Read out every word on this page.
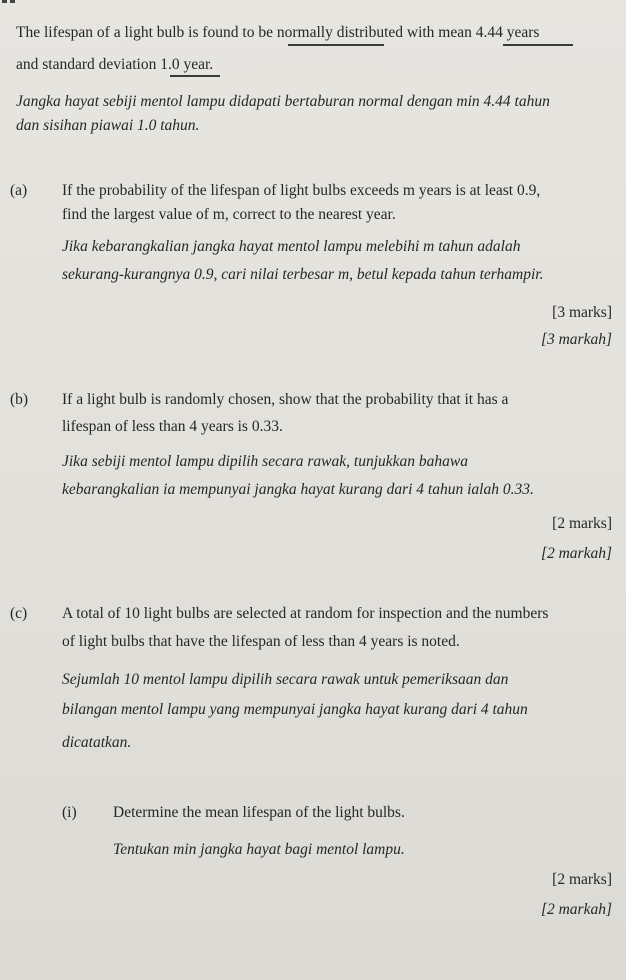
The lifespan of a light bulb is found to be normally distributed with mean 4.44 years
and standard deviation 1.0 year.
Jangka hayat sebiji mentol lampu didapati bertaburan normal dengan min 4.44 tahun
dan sisihan piawai 1.0 tahun.
(a) If the probability of the lifespan of light bulbs exceeds m years is at least 0.9,
find the largest value of m, correct to the nearest year.
Jika kebarangkalian jangka hayat mentol lampu melebihi m tahun adalah
sekurang-kurangnya 0.9, cari nilai terbesar m, betul kepada tahun terhampir.
[3 marks]
[3 markah]
(b) If a light bulb is randomly chosen, show that the probability that it has a
lifespan of less than 4 years is 0.33.
Jika sebiji mentol lampu dipilih secara rawak, tunjukkan bahawa
kebarangkalian ia mempunyai jangka hayat kurang dari 4 tahun ialah 0.33.
[2 marks]
[2 markah]
(c) A total of 10 light bulbs are selected at random for inspection and the numbers
of light bulbs that have the lifespan of less than 4 years is noted.
Sejumlah 10 mentol lampu dipilih secara rawak untuk pemeriksaan dan
bilangan mentol lampu yang mempunyai jangka hayat kurang dari 4 tahun
dicatatkan.
(i) Determine the mean lifespan of the light bulbs.
Tentukan min jangka hayat bagi mentol lampu.
[2 marks]
[2 markah]
